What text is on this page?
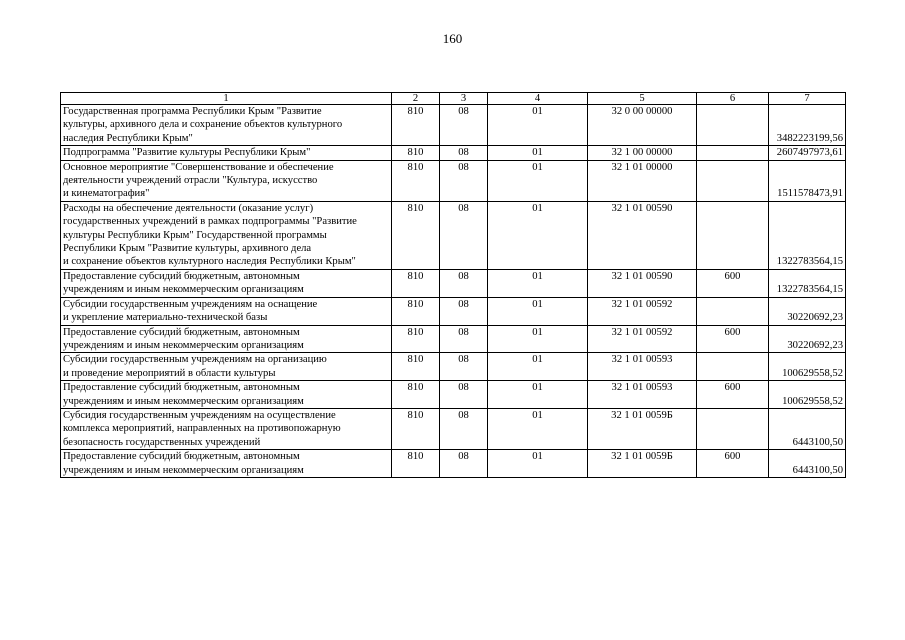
160
1	2	3	4	5	6	7

Государственная программа Республики Крым "Развитие
культуры, архивного дела и сохранение объектов культурного
наследия Республики Крым"	810	08	01	32 0 00 00000		3482223199,56

Подпрограмма "Развитие культуры Республики Крым"	810	08	01	32 1 00 00000		2607497973,61

Основное мероприятие "Совершенствование и обеспечение
деятельности учреждений отрасли "Культура, искусство
и кинематография"	810	08	01	32 1 01 00000		1511578473,91

Расходы на обеспечение деятельности (оказание услуг)
государственных учреждений в рамках подпрограммы "Развитие
культуры Республики Крым" Государственной программы
Республики Крым "Развитие культуры, архивного дела
и сохранение объектов культурного наследия Республики Крым"	810	08	01	32 1 01 00590		1322783564,15

Предоставление субсидий бюджетным, автономным
учреждениям и иным некоммерческим организациям	810	08	01	32 1 01 00590	600	1322783564,15

Субсидии государственным учреждениям на оснащение
и укрепление материально-технической базы	810	08	01	32 1 01 00592		30220692,23

Предоставление субсидий бюджетным, автономным
учреждениям и иным некоммерческим организациям	810	08	01	32 1 01 00592	600	30220692,23

Субсидии государственным учреждениям на организацию
и проведение мероприятий в области культуры	810	08	01	32 1 01 00593		100629558,52

Предоставление субсидий бюджетным, автономным
учреждениям и иным некоммерческим организациям	810	08	01	32 1 01 00593	600	100629558,52

Субсидия государственным учреждениям на осуществление
комплекса мероприятий, направленных на противопожарную
безопасность государственных учреждений	810	08	01	32 1 01 0059Б		6443100,50

Предоставление субсидий бюджетным, автономным
учреждениям и иным некоммерческим организациям	810	08	01	32 1 01 0059Б	600	6443100,50
